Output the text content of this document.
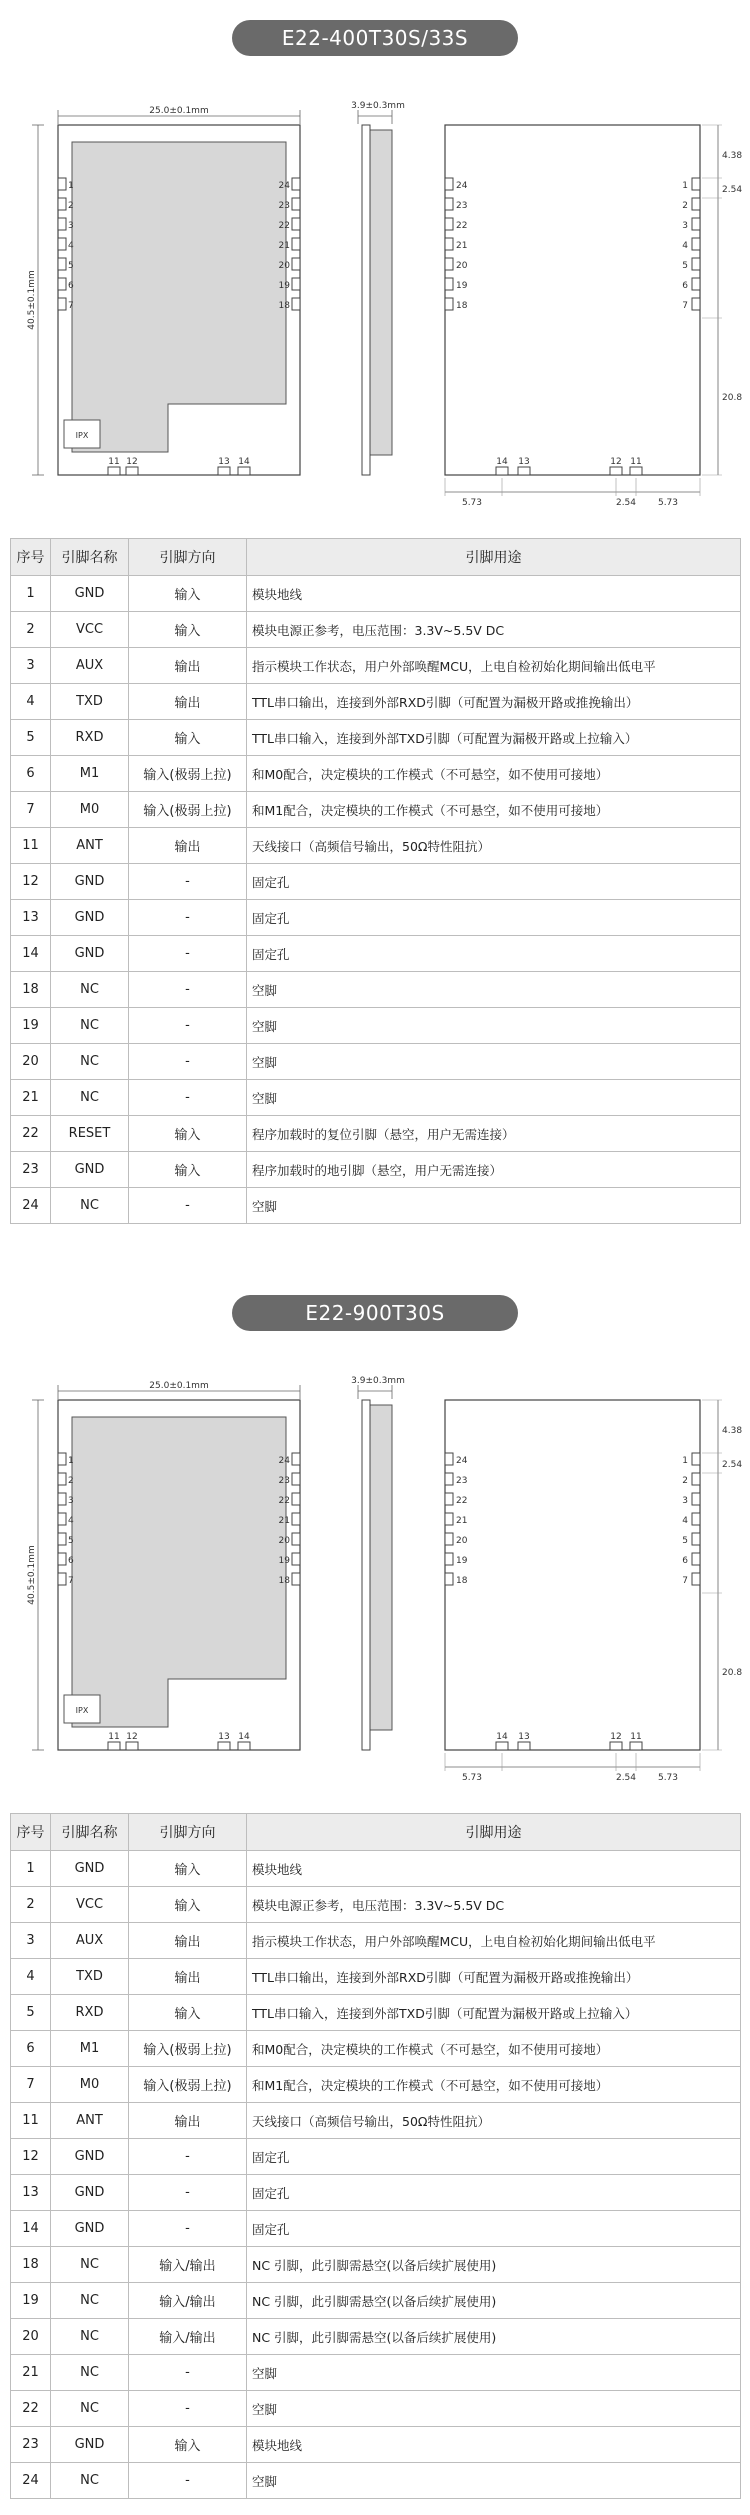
E22-400T30S/33S
25.0±0.1mm
40.5±0.1mm
IPX
1
2
3
4
5
6
7
24
23
22
21
20
19
18
11 12	13 14
3.9±0.3mm
24
23
22
21
20
19
18
1
2
3
4
5
6
7
14 13	12 11
4.38
2.54
20.8
5.73	2.54 5.73
序号	引脚名称	引脚方向	引脚用途
1	GND	输入	模块地线
2	VCC	输入	模块电源正参考，电压范围：3.3V~5.5V DC
3	AUX	输出	指示模块工作状态，用户外部唤醒MCU，上电自检初始化期间输出低电平
4	TXD	输出	TTL串口输出，连接到外部RXD引脚（可配置为漏极开路或推挽输出）
5	RXD	输入	TTL串口输入，连接到外部TXD引脚（可配置为漏极开路或上拉输入）
6	M1	输入(极弱上拉)	和M0配合，决定模块的工作模式（不可悬空，如不使用可接地）
7	M0	输入(极弱上拉)	和M1配合，决定模块的工作模式（不可悬空，如不使用可接地）
11	ANT	输出	天线接口（高频信号输出，50Ω特性阻抗）
12	GND	-	固定孔
13	GND	-	固定孔
14	GND	-	固定孔
18	NC	-	空脚
19	NC	-	空脚
20	NC	-	空脚
21	NC	-	空脚
22	RESET	输入	程序加载时的复位引脚（悬空，用户无需连接）
23	GND	输入	程序加载时的地引脚（悬空，用户无需连接）
24	NC	-	空脚
E22-900T30S
25.0±0.1mm
40.5±0.1mm
IPX
1
2
3
4
5
6
7
24
23
22
21
20
19
18
11 12	13 14
3.9±0.3mm
24
23
22
21
20
19
18
1
2
3
4
5
6
7
14 13	12 11
4.38
2.54
20.8
5.73	2.54 5.73
序号	引脚名称	引脚方向	引脚用途
1	GND	输入	模块地线
2	VCC	输入	模块电源正参考，电压范围：3.3V~5.5V DC
3	AUX	输出	指示模块工作状态，用户外部唤醒MCU，上电自检初始化期间输出低电平
4	TXD	输出	TTL串口输出，连接到外部RXD引脚（可配置为漏极开路或推挽输出）
5	RXD	输入	TTL串口输入，连接到外部TXD引脚（可配置为漏极开路或上拉输入）
6	M1	输入(极弱上拉)	和M0配合，决定模块的工作模式（不可悬空，如不使用可接地）
7	M0	输入(极弱上拉)	和M1配合，决定模块的工作模式（不可悬空，如不使用可接地）
11	ANT	输出	天线接口（高频信号输出，50Ω特性阻抗）
12	GND	-	固定孔
13	GND	-	固定孔
14	GND	-	固定孔
18	NC	输入/输出	NC 引脚，此引脚需悬空(以备后续扩展使用)
19	NC	输入/输出	NC 引脚，此引脚需悬空(以备后续扩展使用)
20	NC	输入/输出	NC 引脚，此引脚需悬空(以备后续扩展使用)
21	NC	-	空脚
22	NC	-	空脚
23	GND	输入	模块地线
24	NC	-	空脚
